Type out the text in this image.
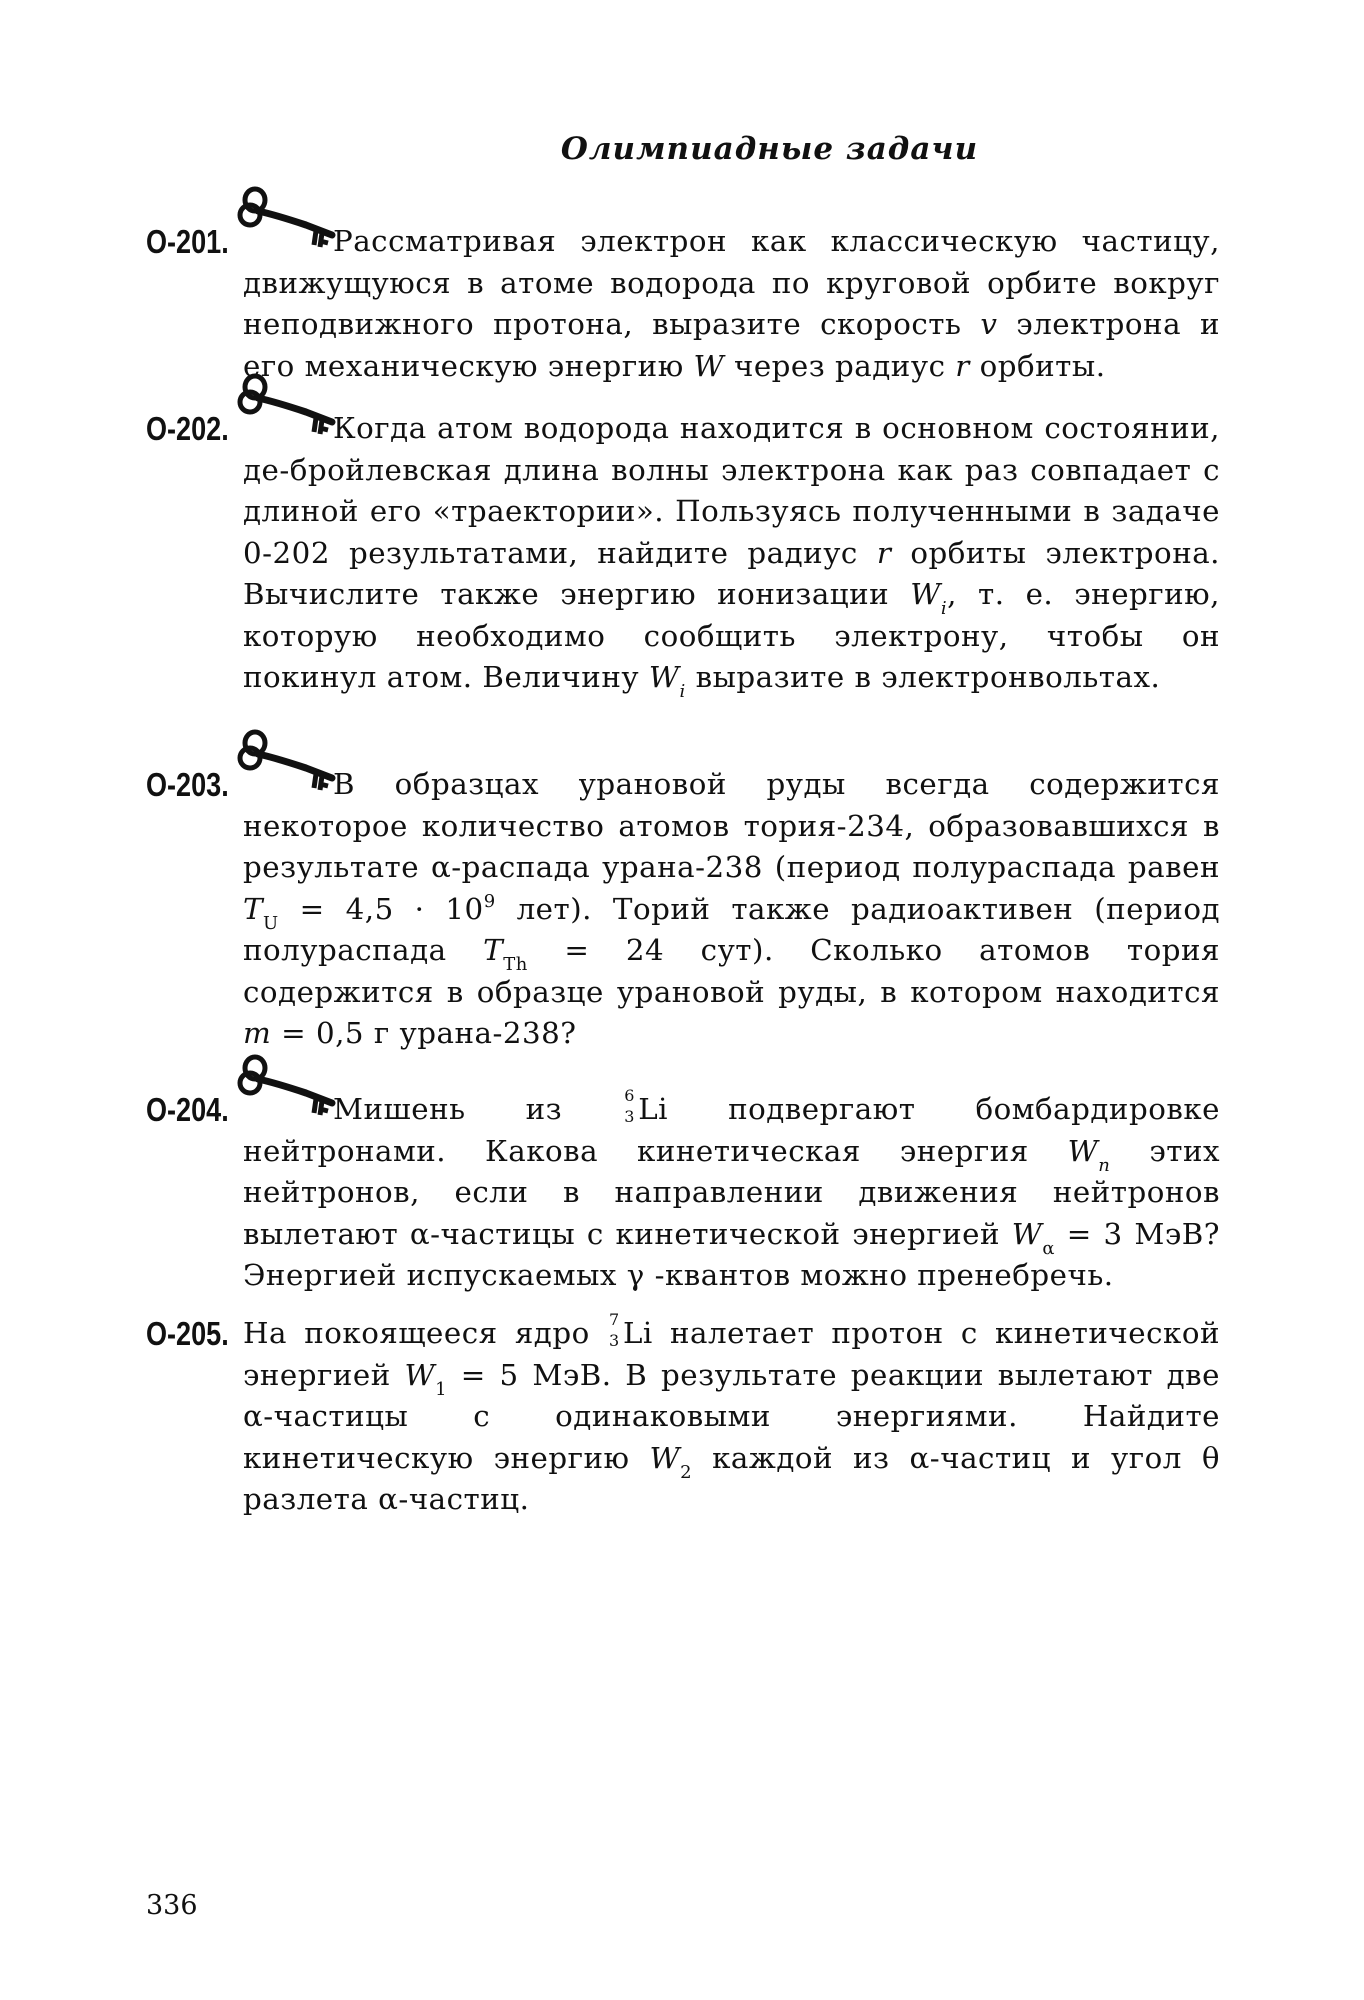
Олимпиадные задачи
О-201.	Рассматривая электрон как классическую частицу, движущуюся в атоме водорода по круговой орбите вокруг неподвижного протона, выразите скорость v электрона и его механическую энергию W через радиус r орбиты.
О-202.	Когда атом водорода находится в основном состоянии, де-бройлевская длина волны электрона как раз совпадает с длиной его «траектории». Пользуясь полученными в задаче 0-202 результатами, найдите радиус r орбиты электрона. Вычислите также энергию ионизации $W_i$, т. е. энергию, которую необходимо сообщить электрону, чтобы он покинул атом. Величину $W_i$ выразите в электронвольтах.
О-203.	В образцах урановой руды всегда содержится некоторое количество атомов тория-234, образовавшихся в результате α-распада урана-238 (период полураспада равен $T_U = 4,5 \cdot 10^9$ лет). Торий также радиоактивен (период полураспада $T_{Th} = 24$ сут). Сколько атомов тория содержится в образце урановой руды, в котором находится m = 0,5 г урана-238?
О-204.	Мишень из 6
3 Li подвергают бомбардировке нейтронами. Какова кинетическая энергия $W_n$ этих нейтронов, если в направлении движения нейтронов вылетают α-частицы с кинетической энергией $W_\alpha = 3$ МэВ? Энергией испускаемых γ -квантов можно пренебречь.
О-205. На покоящееся ядро 7
3 Li налетает протон с кинетической энергией $W_1 = 5$ МэВ. В результате реакции вылетают две α-частицы с одинаковыми энергиями. Найдите кинетическую энергию $W_2$ каждой из α-частиц и угол θ разлета α-частиц.
336
